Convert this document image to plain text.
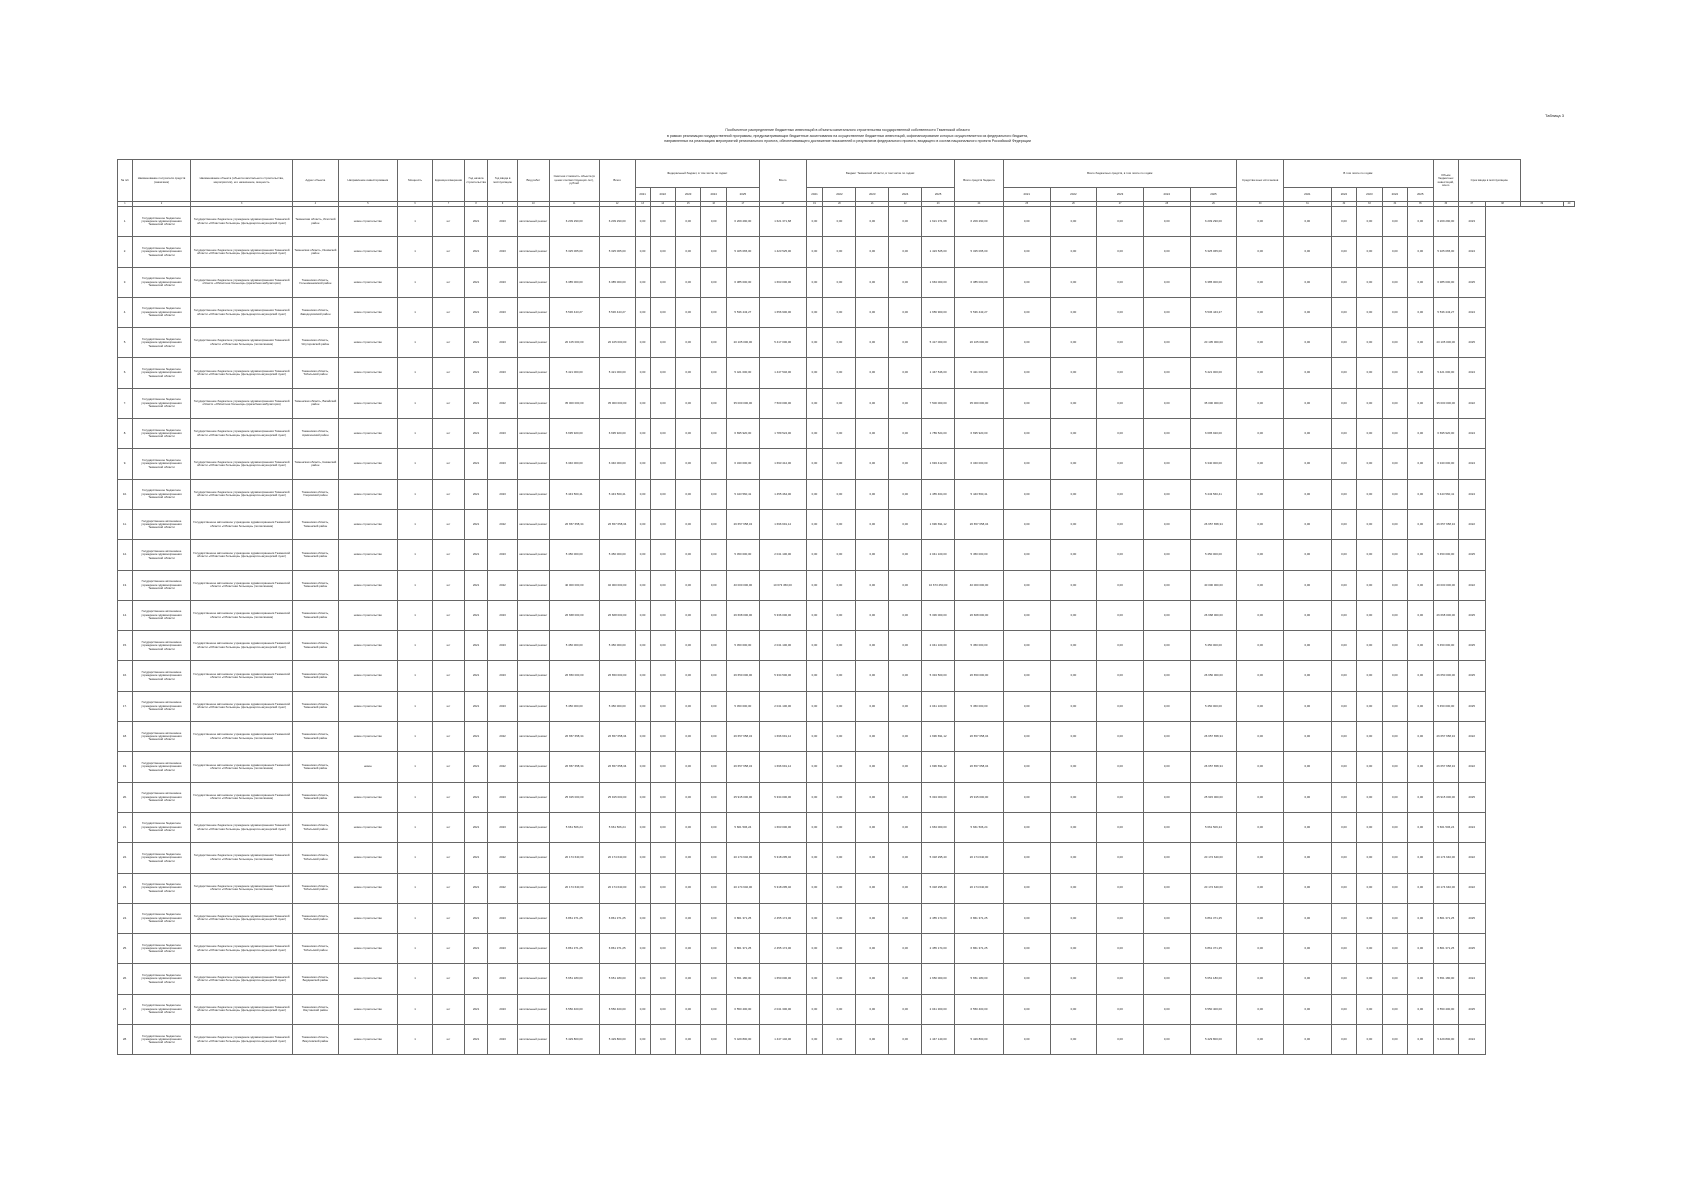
Таблица 3
Пообъектное распределение бюджетных инвестиций в объекты капитального строительства государственной собственности Тюменской области
в рамках реализации государственной программы, предусматривающих бюджетные ассигнования на осуществление бюджетных инвестиций, софинансирование которых осуществляется из федерального бюджета,
направленных на реализацию мероприятий регионального проекта, обеспечивающего достижение показателей и результатов федерального проекта, входящего в состав национального проекта Российской Федерации
№ п/п	Наименование получателя средств (заказчика)	Наименование объекта (объекта капитального строительства, мероприятия), его назначение, мощность	Адрес объекта	Направление инвестирования	Мощность	Единица измерения	Год начала строительства	Год ввода в эксплуатацию	Вид работ	Сметная стоимость объекта (в ценах соответствующих лет), рублей	Всего	Федеральный бюджет, в том числе по годам:					Всего	Бюджет Тюменской области, в том числе по годам:					Всего средств бюджета	Всего бюджетных средств, в том числе по годам:					Средства иных источников	В том числе по годам:					Объем бюджетных инвестиций, всего	Срок ввода в эксплуатацию			
												2021	2022	2023	2024	2025		2021	2022	2023	2024	2025		2021	2022	2023	2024	2025		2021	2022	2023	2024	2025					
1	2	3	4	5	6	7	8	9	10	11	12	13	14	15	16	17	18	19	20	21	22	23	24	25	26	27	28	29	30	31	32	33	34	35	36	37	38	39	40
1.	Государственное бюджетное учреждение здравоохранения Тюменской области	Государственное бюджетное учреждение здравоохранения Тюменской области «Областная больница» (фельдшерско-акушерский пункт)	Тюменская область, Исетский район	новое строительство	1	шт	2021	2023	капитальный ремонт	6 209 290,00	6 209 290,00	0,00	0,00	0,00	0,00	6 209 290,00	1 621 371,68	0,00	0,00	0,00	0,00	1 621 371,68	6 209 290,00	0,00	0,00	0,00	0,00	6 209 290,00	0,00	0,00	0,00	0,00	0,00	0,00	6 209 290,00	2023			
2.	Государственное бюджетное учреждение здравоохранения Тюменской области	Государственное бюджетное учреждение здравоохранения Тюменской области «Областная больница» (фельдшерско-акушерский пункт)	Тюменская область, Ишимский район	новое строительство	1	шт	2021	2023	капитальный ремонт	5 325 065,00	5 325 065,00	0,00	0,00	0,00	0,00	5 325 065,00	1 423 525,00	0,00	0,00	0,00	0,00	1 423 525,00	5 325 065,00	0,00	0,00	0,00	0,00	5 325 065,00	0,00	0,00	0,00	0,00	0,00	0,00	5 325 065,00	2024			
3.	Государственное бюджетное учреждение здравоохранения Тюменской области	Государственное бюджетное учреждение здравоохранения Тюменской области «Областная больница» (врачебная амбулатория)	Тюменская область, Голышмановский район	новое строительство	1	шт	2021	2023	капитальный ремонт	6 385 000,00	6 385 000,00	0,00	0,00	0,00	0,00	6 385 000,00	1 663 000,00	0,00	0,00	0,00	0,00	1 663 000,00	6 385 000,00	0,00	0,00	0,00	0,00	6 385 000,00	0,00	0,00	0,00	0,00	0,00	0,00	6 385 000,00	2025			
4.	Государственное бюджетное учреждение здравоохранения Тюменской области	Государственное бюджетное учреждение здравоохранения Тюменской области «Областная больница» (фельдшерско-акушерский пункт)	Тюменская область, Заводоуковский район	новое строительство	1	шт	2021	2023	капитальный ремонт	5 536 443,27	5 536 443,27	0,00	0,00	0,00	0,00	5 536 443,27	1 656 900,00	0,00	0,00	0,00	0,00	1 656 900,00	5 536 443,27	0,00	0,00	0,00	0,00	5 536 443,27	0,00	0,00	0,00	0,00	0,00	0,00	5 536 443,27	2024			
5.	Государственное бюджетное учреждение здравоохранения Тюменской области	Государственное бюджетное учреждение здравоохранения Тюменской области «Областная больница» (поликлиника)	Тюменская область, Ялуторовский район	новое строительство	1	шт	2021	2023	капитальный ремонт	20 105 000,00	20 105 000,00	0,00	0,00	0,00	0,00	20 105 000,00	5 417 000,00	0,00	0,00	0,00	0,00	5 417 000,00	20 105 000,00	0,00	0,00	0,00	0,00	20 105 000,00	0,00	0,00	0,00	0,00	0,00	0,00	20 105 000,00	2025			
6.	Государственное бюджетное учреждение здравоохранения Тюменской области	Государственное бюджетное учреждение здравоохранения Тюменской области «Областная больница» (фельдшерско-акушерский пункт)	Тюменская область, Тобольский район	новое строительство	1	шт	2021	2023	капитальный ремонт	5 421 000,00	5 421 000,00	0,00	0,00	0,00	0,00	5 421 000,00	1 447 546,00	0,00	0,00	0,00	0,00	1 447 546,00	5 421 000,00	0,00	0,00	0,00	0,00	5 421 000,00	0,00	0,00	0,00	0,00	0,00	0,00	5 421 000,00	2024			
7.	Государственное бюджетное учреждение здравоохранения Тюменской области	Государственное бюджетное учреждение здравоохранения Тюменской области «Областная больница» (врачебная амбулатория)	Тюменская область, Вагайский район	новое строительство	1	шт	2021	2022	капитальный ремонт	35 000 000,00	35 000 000,00	0,00	0,00	0,00	0,00	35 000 000,00	7 500 000,00	0,00	0,00	0,00	0,00	7 500 000,00	35 000 000,00	0,00	0,00	0,00	0,00	35 000 000,00	0,00	0,00	0,00	0,00	0,00	0,00	35 000 000,00	2022			
8.	Государственное бюджетное учреждение здравоохранения Тюменской области	Государственное бюджетное учреждение здравоохранения Тюменской области «Областная больница» (фельдшерско-акушерский пункт)	Тюменская область, Армизонский район	новое строительство	1	шт	2021	2023	капитальный ремонт	6 695 920,00	6 695 920,00	0,00	0,00	0,00	0,00	6 695 920,00	1 789 524,00	0,00	0,00	0,00	0,00	1 789 524,00	6 695 920,00	0,00	0,00	0,00	0,00	6 695 920,00	0,00	0,00	0,00	0,00	0,00	0,00	6 695 920,00	2024			
9.	Государственное бюджетное учреждение здравоохранения Тюменской области	Государственное бюджетное учреждение здравоохранения Тюменской области «Областная больница» (фельдшерско-акушерский пункт)	Тюменская область, Казанский район	новое строительство	1	шт	2021	2023	капитальный ремонт	6 340 000,00	6 340 000,00	0,00	0,00	0,00	0,00	6 340 000,00	1 693 412,00	0,00	0,00	0,00	0,00	1 693 412,00	6 340 000,00	0,00	0,00	0,00	0,00	6 340 000,00	0,00	0,00	0,00	0,00	0,00	0,00	6 340 000,00	2024			
10.	Государственное бюджетное учреждение здравоохранения Тюменской области	Государственное бюджетное учреждение здравоохранения Тюменской области «Областная больница» (фельдшерско-акушерский пункт)	Тюменская область, Упоровский район	новое строительство	1	шт	2021	2023	капитальный ремонт	5 443 560,41	5 443 560,41	0,00	0,00	0,00	0,00	5 443 560,41	1 455 464,00	0,00	0,00	0,00	0,00	1 455 464,00	5 443 560,41	0,00	0,00	0,00	0,00	5 443 560,41	0,00	0,00	0,00	0,00	0,00	0,00	5 443 560,41	2024			
11.	Государственное автономное учреждение здравоохранения Тюменской области	Государственное автономное учреждение здравоохранения Тюменской области «Областная больница» (поликлиника)	Тюменская область, Тюменский район	новое строительство	1	шт	2021	2022	капитальный ремонт	26 657 658,34	26 657 658,34	0,00	0,00	0,00	0,00	26 657 658,34	1 696 691,12	0,00	0,00	0,00	0,00	1 696 691,12	26 657 658,34	0,00	0,00	0,00	0,00	26 657 658,34	0,00	0,00	0,00	0,00	0,00	0,00	26 657 658,34	2022			
12.	Государственное автономное учреждение здравоохранения Тюменской области	Государственное автономное учреждение здравоохранения Тюменской области «Областная больница» (фельдшерско-акушерский пункт)	Тюменская область, Тюменский район	новое строительство	1	шт	2021	2023	капитальный ремонт	5 450 000,00	5 450 000,00	0,00	0,00	0,00	0,00	5 450 000,00	2 041 100,00	0,00	0,00	0,00	0,00	2 041 100,00	5 450 000,00	0,00	0,00	0,00	0,00	5 450 000,00	0,00	0,00	0,00	0,00	0,00	0,00	5 450 000,00	2025			
13.	Государственное автономное учреждение здравоохранения Тюменской области	Государственное автономное учреждение здравоохранения Тюменской области «Областная больница» (поликлиника)	Тюменская область, Тюменский район	новое строительство	1	шт	2021	2022	капитальный ремонт	40 000 000,00	40 000 000,00	0,00	0,00	0,00	0,00	40 000 000,00	10 673 450,00	0,00	0,00	0,00	0,00	10 673 450,00	40 000 000,00	0,00	0,00	0,00	0,00	40 000 000,00	0,00	0,00	0,00	0,00	0,00	0,00	40 000 000,00	2022			
14.	Государственное автономное учреждение здравоохранения Тюменской области	Государственное автономное учреждение здравоохранения Тюменской области «Областная больница» (поликлиника)	Тюменская область, Тюменский район	новое строительство	1	шт	2021	2023	капитальный ремонт	26 668 000,00	26 668 000,00	0,00	0,00	0,00	0,00	26 668 000,00	5 336 000,00	0,00	0,00	0,00	0,00	5 336 000,00	26 668 000,00	0,00	0,00	0,00	0,00	26 668 000,00	0,00	0,00	0,00	0,00	0,00	0,00	26 668 000,00	2025			
15.	Государственное автономное учреждение здравоохранения Тюменской области	Государственное автономное учреждение здравоохранения Тюменской области «Областная больница» (фельдшерско-акушерский пункт)	Тюменская область, Тюменский район	новое строительство	1	шт	2021	2023	капитальный ремонт	5 450 000,00	5 450 000,00	0,00	0,00	0,00	0,00	5 450 000,00	2 041 100,00	0,00	0,00	0,00	0,00	2 041 100,00	5 450 000,00	0,00	0,00	0,00	0,00	5 450 000,00	0,00	0,00	0,00	0,00	0,00	0,00	5 450 000,00	2025			
16.	Государственное автономное учреждение здравоохранения Тюменской области	Государственное автономное учреждение здравоохранения Тюменской области «Областная больница» (поликлиника)	Тюменская область, Тюменский район	новое строительство	1	шт	2021	2023	капитальный ремонт	26 650 000,00	26 650 000,00	0,00	0,00	0,00	0,00	26 650 000,00	5 334 500,00	0,00	0,00	0,00	0,00	5 334 500,00	26 650 000,00	0,00	0,00	0,00	0,00	26 650 000,00	0,00	0,00	0,00	0,00	0,00	0,00	26 650 000,00	2025			
17.	Государственное автономное учреждение здравоохранения Тюменской области	Государственное автономное учреждение здравоохранения Тюменской области «Областная больница» (фельдшерско-акушерский пункт)	Тюменская область, Тюменский район	новое строительство	1	шт	2021	2023	капитальный ремонт	5 450 000,00	5 450 000,00	0,00	0,00	0,00	0,00	5 450 000,00	2 041 100,00	0,00	0,00	0,00	0,00	2 041 100,00	5 450 000,00	0,00	0,00	0,00	0,00	5 450 000,00	0,00	0,00	0,00	0,00	0,00	0,00	5 450 000,00	2025			
18.	Государственное автономное учреждение здравоохранения Тюменской области	Государственное автономное учреждение здравоохранения Тюменской области «Областная больница» (поликлиника)	Тюменская область, Тюменский район	новое строительство	1	шт	2021	2022	капитальный ремонт	26 657 658,34	26 657 658,34	0,00	0,00	0,00	0,00	26 657 658,34	1 696 691,12	0,00	0,00	0,00	0,00	1 696 691,12	26 657 658,34	0,00	0,00	0,00	0,00	26 657 658,34	0,00	0,00	0,00	0,00	0,00	0,00	26 657 658,34	2022			
19.	Государственное автономное учреждение здравоохранения Тюменской области	Государственное автономное учреждение здравоохранения Тюменской области «Областная больница» (поликлиника)	Тюменская область, Тюменский район	новое	1	шт	2021	2022	капитальный ремонт	26 657 658,34	26 657 658,34	0,00	0,00	0,00	0,00	26 657 658,34	1 696 691,12	0,00	0,00	0,00	0,00	1 696 691,12	26 657 658,34	0,00	0,00	0,00	0,00	26 657 658,34	0,00	0,00	0,00	0,00	0,00	0,00	26 657 658,34	2022			
20.	Государственное автономное учреждение здравоохранения Тюменской области	Государственное автономное учреждение здравоохранения Тюменской области «Областная больница» (поликлиника)	Тюменская область, Тюменский район	новое строительство	1	шт	2021	2023	капитальный ремонт	25 915 000,00	25 915 000,00	0,00	0,00	0,00	0,00	25 915 000,00	5 334 000,00	0,00	0,00	0,00	0,00	5 334 000,00	25 915 000,00	0,00	0,00	0,00	0,00	25 915 000,00	0,00	0,00	0,00	0,00	0,00	0,00	25 915 000,00	2025			
21.	Государственное бюджетное учреждение здравоохранения Тюменской области	Государственное бюджетное учреждение здравоохранения Тюменской области «Областная больница» (фельдшерско-акушерский пункт)	Тюменская область, Тобольский район	новое строительство	1	шт	2021	2023	капитальный ремонт	5 661 506,24	5 661 506,24	0,00	0,00	0,00	0,00	5 661 506,24	1 663 000,00	0,00	0,00	0,00	0,00	1 663 000,00	5 661 506,24	0,00	0,00	0,00	0,00	5 661 506,24	0,00	0,00	0,00	0,00	0,00	0,00	5 661 506,24	2024			
22.	Государственное бюджетное учреждение здравоохранения Тюменской области	Государственное бюджетное учреждение здравоохранения Тюменской области «Областная больница» (поликлиника)	Тюменская область, Тобольский район	новое строительство	1	шт	2021	2022	капитальный ремонт	20 174 640,00	20 174 640,00	0,00	0,00	0,00	0,00	20 174 640,00	5 318 295,40	0,00	0,00	0,00	0,00	5 318 295,40	20 174 640,00	0,00	0,00	0,00	0,00	20 174 640,00	0,00	0,00	0,00	0,00	0,00	0,00	20 174 640,00	2022			
23.	Государственное бюджетное учреждение здравоохранения Тюменской области	Государственное бюджетное учреждение здравоохранения Тюменской области «Областная больница» (поликлиника)	Тюменская область, Тобольский район	новое строительство	1	шт	2021	2022	капитальный ремонт	20 174 640,00	20 174 640,00	0,00	0,00	0,00	0,00	20 174 640,00	5 318 295,40	0,00	0,00	0,00	0,00	5 318 295,40	20 174 640,00	0,00	0,00	0,00	0,00	20 174 640,00	0,00	0,00	0,00	0,00	0,00	0,00	20 174 640,00	2022			
24.	Государственное бюджетное учреждение здравоохранения Тюменской области	Государственное бюджетное учреждение здравоохранения Тюменской области «Областная больница» (фельдшерско-акушерский пункт)	Тюменская область, Тобольский район	новое строительство	1	шт	2021	2023	капитальный ремонт	6 861 371,25	6 861 371,25	0,00	0,00	0,00	0,00	6 861 371,25	2 455 174,00	0,00	0,00	0,00	0,00	2 455 174,00	6 861 371,25	0,00	0,00	0,00	0,00	6 861 371,25	0,00	0,00	0,00	0,00	0,00	0,00	6 861 371,25	2025			
25.	Государственное бюджетное учреждение здравоохранения Тюменской области	Государственное бюджетное учреждение здравоохранения Тюменской области «Областная больница» (фельдшерско-акушерский пункт)	Тюменская область, Тобольский район	новое строительство	1	шт	2021	2023	капитальный ремонт	6 861 371,25	6 861 371,25	0,00	0,00	0,00	0,00	6 861 371,25	2 455 174,00	0,00	0,00	0,00	0,00	2 455 174,00	6 861 371,25	0,00	0,00	0,00	0,00	6 861 371,25	0,00	0,00	0,00	0,00	0,00	0,00	6 861 371,25	2025			
26.	Государственное бюджетное учреждение здравоохранения Тюменской области	Государственное бюджетное учреждение здравоохранения Тюменской области «Областная больница» (фельдшерско-акушерский пункт)	Тюменская область, Бердюжский район	новое строительство	1	шт	2021	2023	капитальный ремонт	5 651 180,00	5 651 180,00	0,00	0,00	0,00	0,00	5 651 180,00	1 650 000,00	0,00	0,00	0,00	0,00	1 650 000,00	5 651 180,00	0,00	0,00	0,00	0,00	5 651 180,00	0,00	0,00	0,00	0,00	0,00	0,00	5 651 180,00	2024			
27.	Государственное бюджетное учреждение здравоохранения Тюменской области	Государственное бюджетное учреждение здравоохранения Тюменской области «Областная больница» (фельдшерско-акушерский пункт)	Тюменская область, Омутинский район	новое строительство	1	шт	2021	2023	капитальный ремонт	6 550 400,00	6 550 400,00	0,00	0,00	0,00	0,00	6 550 400,00	2 041 300,00	0,00	0,00	0,00	0,00	2 041 300,00	6 550 400,00	0,00	0,00	0,00	0,00	6 550 400,00	0,00	0,00	0,00	0,00	0,00	0,00	6 550 400,00	2025			
28.	Государственное бюджетное учреждение здравоохранения Тюменской области	Государственное бюджетное учреждение здравоохранения Тюменской области «Областная больница» (фельдшерско-акушерский пункт)	Тюменская область, Викуловский район	новое строительство	1	шт	2021	2023	капитальный ремонт	5 429 800,00	5 429 800,00	0,00	0,00	0,00	0,00	5 429 800,00	1 447 140,00	0,00	0,00	0,00	0,00	1 447 140,00	5 429 800,00	0,00	0,00	0,00	0,00	5 429 800,00	0,00	0,00	0,00	0,00	0,00	0,00	5 429 800,00	2024			
